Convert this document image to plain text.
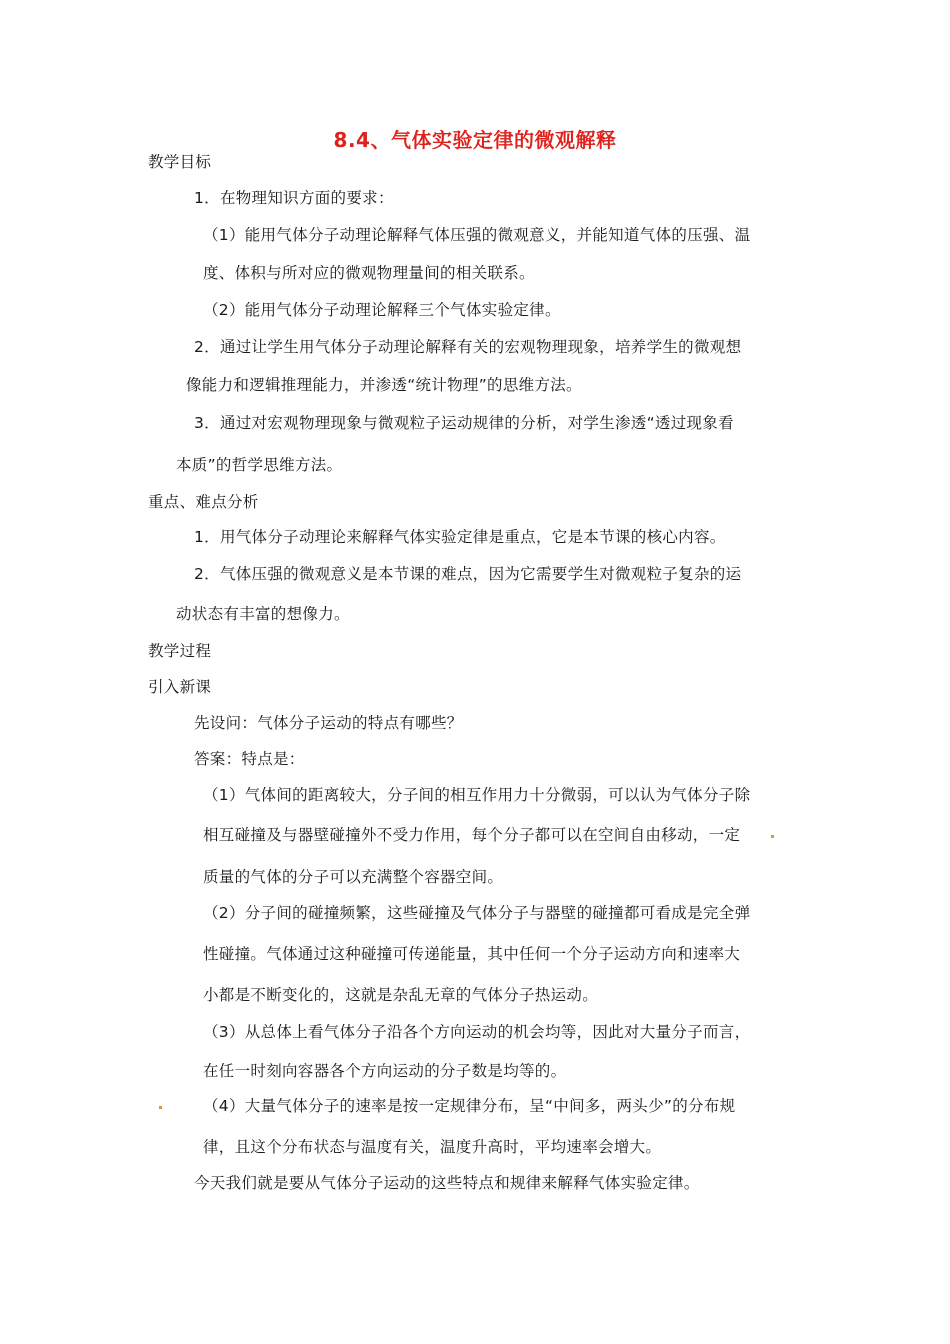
8.4、气体实验定律的微观解释
教学目标
1．在物理知识方面的要求：
（1）能用气体分子动理论解释气体压强的微观意义，并能知道气体的压强、温
度、体积与所对应的微观物理量间的相关联系。
（2）能用气体分子动理论解释三个气体实验定律。
2．通过让学生用气体分子动理论解释有关的宏观物理现象，培养学生的微观想
像能力和逻辑推理能力，并渗透“统计物理”的思维方法。
3．通过对宏观物理现象与微观粒子运动规律的分析，对学生渗透“透过现象看
本质”的哲学思维方法。
重点、难点分析
1．用气体分子动理论来解释气体实验定律是重点，它是本节课的核心内容。
2．气体压强的微观意义是本节课的难点，因为它需要学生对微观粒子复杂的运
动状态有丰富的想像力。
教学过程
引入新课
先设问：气体分子运动的特点有哪些？
答案：特点是：
（1）气体间的距离较大，分子间的相互作用力十分微弱，可以认为气体分子除
相互碰撞及与器壁碰撞外不受力作用，每个分子都可以在空间自由移动，一定
质量的气体的分子可以充满整个容器空间。
（2）分子间的碰撞频繁，这些碰撞及气体分子与器壁的碰撞都可看成是完全弹
性碰撞。气体通过这种碰撞可传递能量，其中任何一个分子运动方向和速率大
小都是不断变化的，这就是杂乱无章的气体分子热运动。
（3）从总体上看气体分子沿各个方向运动的机会均等，因此对大量分子而言，
在任一时刻向容器各个方向运动的分子数是均等的。
（4）大量气体分子的速率是按一定规律分布，呈“中间多，两头少”的分布规
律，且这个分布状态与温度有关，温度升高时，平均速率会增大。
今天我们就是要从气体分子运动的这些特点和规律来解释气体实验定律。
